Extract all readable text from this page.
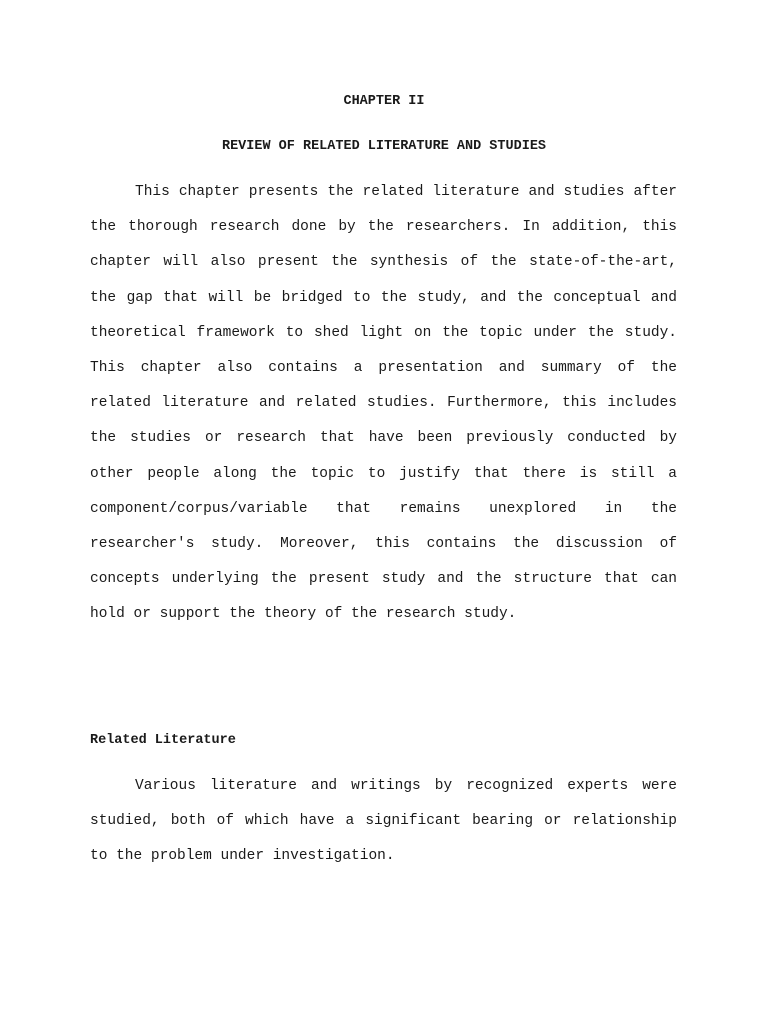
CHAPTER II
REVIEW OF RELATED LITERATURE AND STUDIES

This chapter presents the related literature and studies after the thorough research done by the researchers. In addition, this chapter will also present the synthesis of the state-of-the-art, the gap that will be bridged to the study, and the conceptual and theoretical framework to shed light on the topic under the study. This chapter also contains a presentation and summary of the related literature and related studies. Furthermore, this includes the studies or research that have been previously conducted by other people along the topic to justify that there is still a component/corpus/variable that remains unexplored in the researcher's study. Moreover, this contains the discussion of concepts underlying the present study and the structure that can hold or support the theory of the research study.

Related Literature

Various literature and writings by recognized experts were studied, both of which have a significant bearing or relationship to the problem under investigation.
